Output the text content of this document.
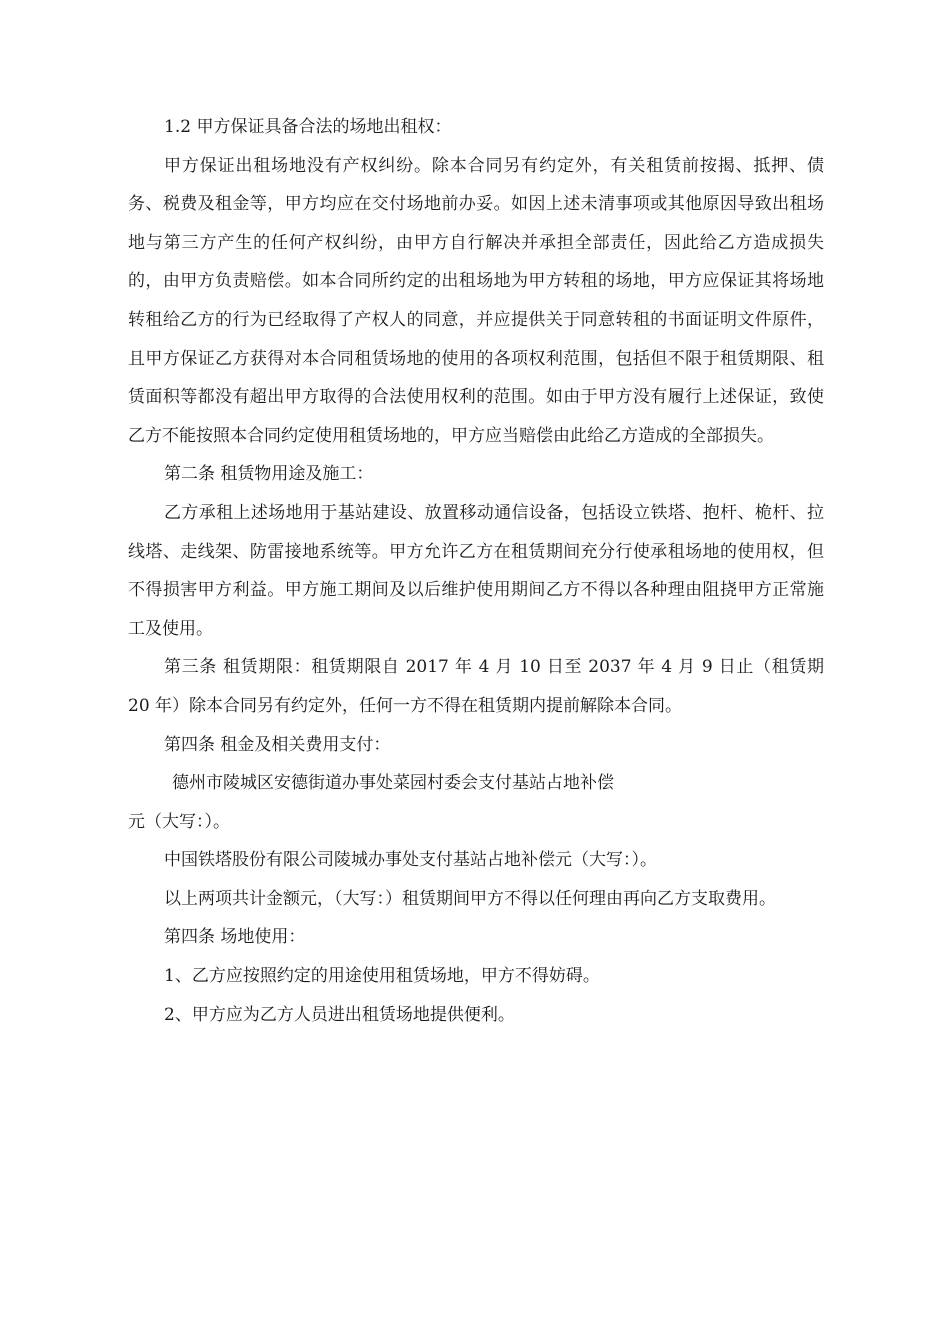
1.2 甲方保证具备合法的场地出租权：

甲方保证出租场地没有产权纠纷。除本合同另有约定外，有关租赁前按揭、抵押、债务、税费及租金等，甲方均应在交付场地前办妥。如因上述未清事项或其他原因导致出租场地与第三方产生的任何产权纠纷，由甲方自行解决并承担全部责任，因此给乙方造成损失的，由甲方负责赔偿。如本合同所约定的出租场地为甲方转租的场地，甲方应保证其将场地转租给乙方的行为已经取得了产权人的同意，并应提供关于同意转租的书面证明文件原件，且甲方保证乙方获得对本合同租赁场地的使用的各项权利范围，包括但不限于租赁期限、租赁面积等都没有超出甲方取得的合法使用权利的范围。如由于甲方没有履行上述保证，致使乙方不能按照本合同约定使用租赁场地的，甲方应当赔偿由此给乙方造成的全部损失。

第二条 租赁物用途及施工：

乙方承租上述场地用于基站建设、放置移动通信设备，包括设立铁塔、抱杆、桅杆、拉线塔、走线架、防雷接地系统等。甲方允许乙方在租赁期间充分行使承租场地的使用权，但不得损害甲方利益。甲方施工期间及以后维护使用期间乙方不得以各种理由阻挠甲方正常施工及使用。

第三条 租赁期限：租赁期限自 2017 年 4 月 10 日至 2037 年 4 月 9 日止（租赁期 20 年）除本合同另有约定外，任何一方不得在租赁期内提前解除本合同。

第四条 租金及相关费用支付：

德州市陵城区安德街道办事处菜园村委会支付基站占地补偿

元（大写：）。

中国铁塔股份有限公司陵城办事处支付基站占地补偿元（大写：）。

以上两项共计金额元，（大写：）租赁期间甲方不得以任何理由再向乙方支取费用。

第四条 场地使用：

1、乙方应按照约定的用途使用租赁场地，甲方不得妨碍。

2、甲方应为乙方人员进出租赁场地提供便利。
